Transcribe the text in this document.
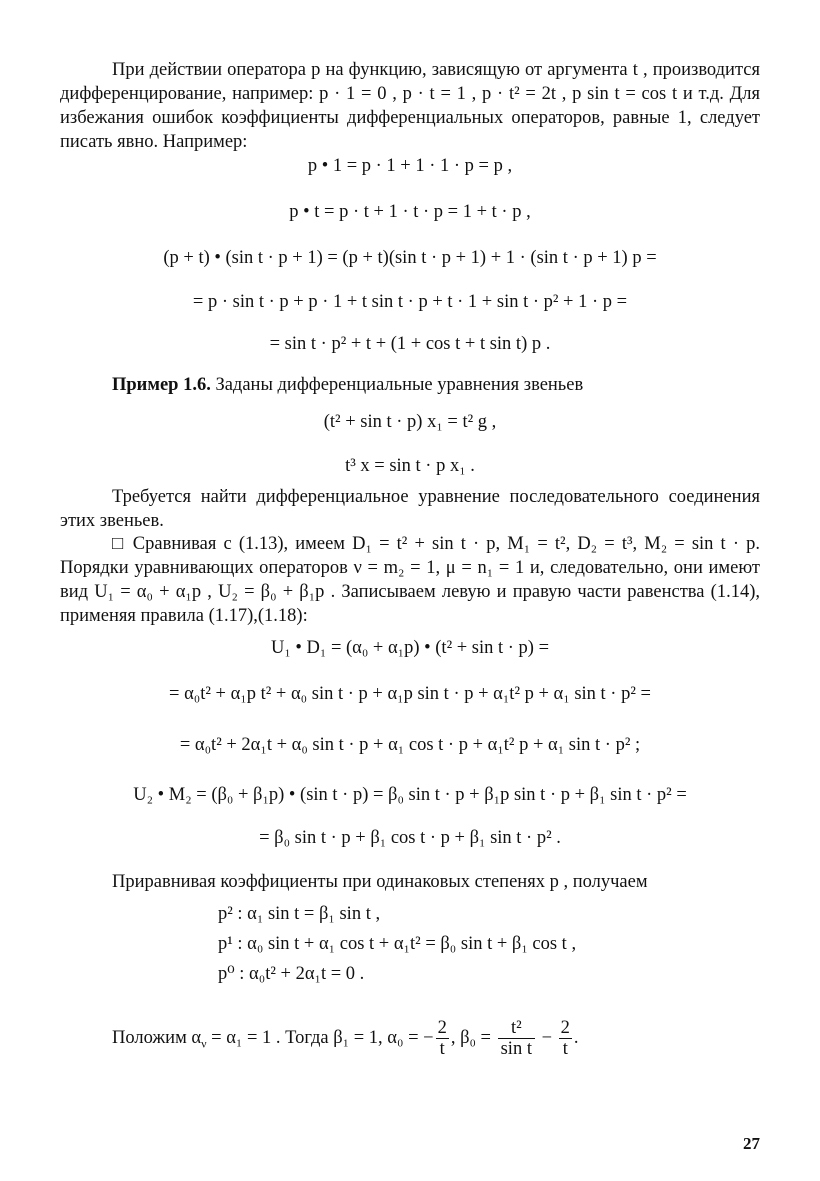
При действии оператора p на функцию, зависящую от аргумента t , производится дифференцирование, например: p · 1 = 0 , p · t = 1 , p · t² = 2t , p sin t = cos t и т.д. Для избежания ошибок коэффициенты дифференциальных операторов, равные 1, следует писать явно. Например:
p • 1 = p · 1 + 1 · 1 · p = p ,
p • t = p · t + 1 · t · p = 1 + t · p ,
(p + t) • (sin t · p + 1) = (p + t)(sin t · p + 1) + 1 · (sin t · p + 1) p =
= p · sin t · p + p · 1 + t sin t · p + t · 1 + sin t · p² + 1 · p =
= sin t · p² + t + (1 + cos t + t sin t) p .
Пример 1.6. Заданы дифференциальные уравнения звеньев
(t² + sin t · p) x₁ = t² g ,
t³ x = sin t · p x₁ .
Требуется найти дифференциальное уравнение последовательного соединения этих звеньев.
□ Сравнивая с (1.13), имеем D₁ = t² + sin t · p, M₁ = t², D₂ = t³, M₂ = sin t · p. Порядки уравнивающих операторов ν = m₂ = 1, μ = n₁ = 1 и, следовательно, они имеют вид U₁ = α₀ + α₁p , U₂ = β₀ + β₁p . Записываем левую и правую части равенства (1.14), применяя правила (1.17),(1.18):
U₁ • D₁ = (α₀ + α₁p) • (t² + sin t · p) =
= α₀t² + α₁p t² + α₀ sin t · p + α₁p sin t · p + α₁t² p + α₁ sin t · p² =
= α₀t² + 2α₁t + α₀ sin t · p + α₁ cos t · p + α₁t² p + α₁ sin t · p² ;
U₂ • M₂ = (β₀ + β₁p) • (sin t · p) = β₀ sin t · p + β₁p sin t · p + β₁ sin t · p² =
= β₀ sin t · p + β₁ cos t · p + β₁ sin t · p² .
Приравнивая коэффициенты при одинаковых степенях p , получаем
p² : α₁ sin t = β₁ sin t ,
p¹ : α₀ sin t + α₁ cos t + α₁t² = β₀ sin t + β₁ cos t ,
p⁰ : α₀t² + 2α₁t = 0 .
Положим $\alpha_\nu = \alpha_1 = 1$ . Тогда β₁ = 1, α₀ = − $\frac{2}{t}$ , $\beta_0 = \frac{\text{t²}}{\text{sin t}} - \frac{2}{t}$ .
27
